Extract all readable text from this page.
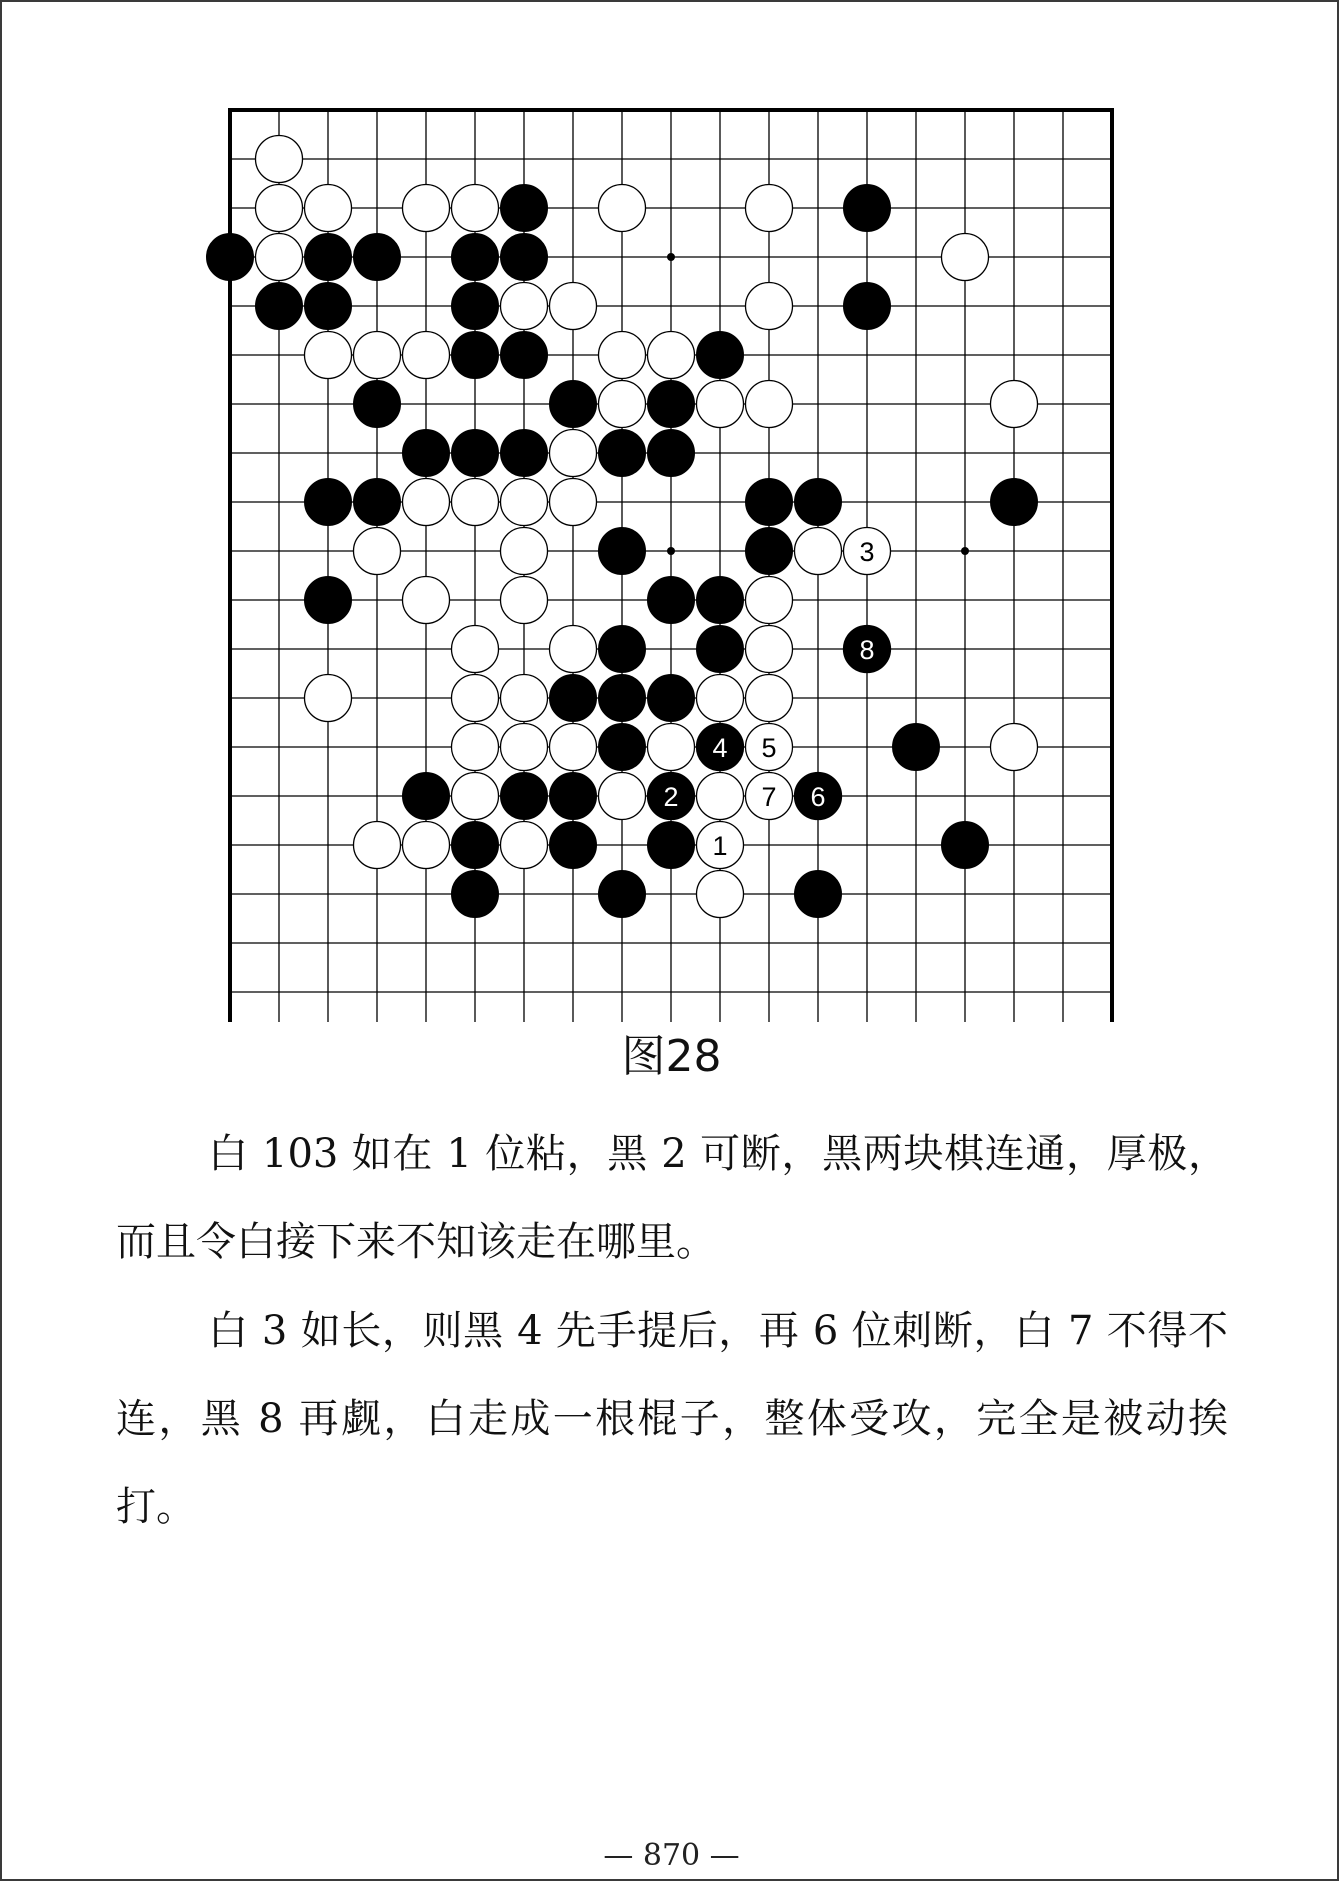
1
2
3
4 5
6
7
8
图28

白 103 如在 1 位粘，黑 2 可断，黑两块棋连通，厚极，而且令白接下来不知该走在哪里。

白 3 如长，则黑 4 先手提后，再 6 位刺断，白 7 不得不连，黑 8 再觑，白走成一根棍子，整体受攻，完全是被动挨打。

— 870 —
